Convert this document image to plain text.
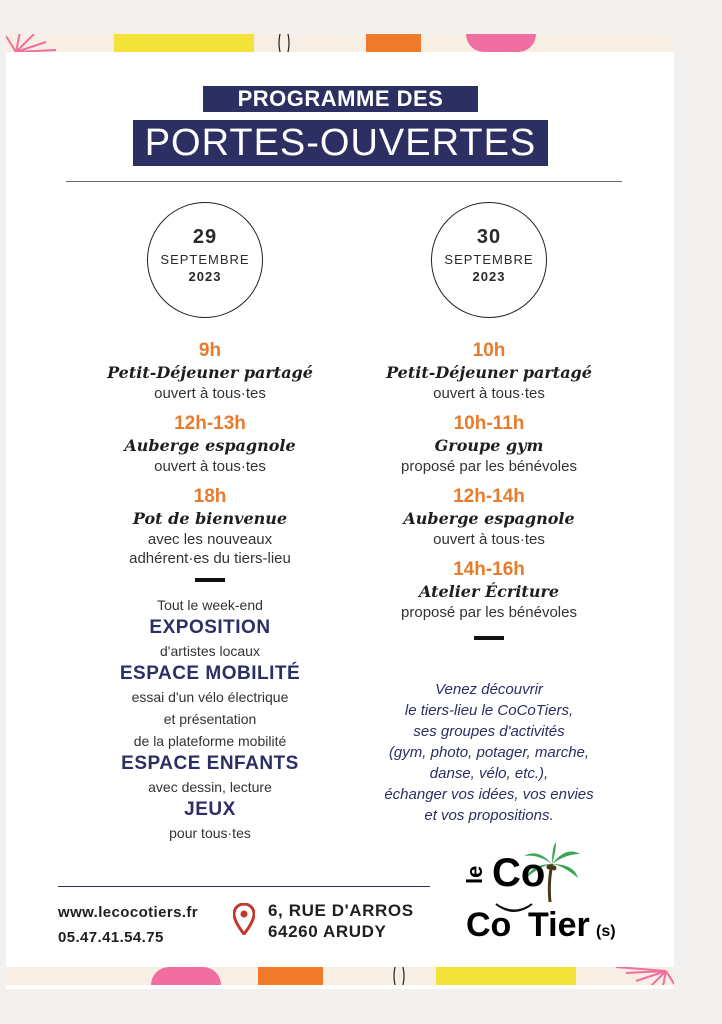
PROGRAMME DES
PORTES-OUVERTES
29
SEPTEMBRE
2023
30
SEPTEMBRE
2023
9h
Petit-Déjeuner partagé
ouvert à tous·tes
12h-13h
Auberge espagnole
ouvert à tous·tes
18h
Pot de bienvenue
avec les nouveaux
adhérent·es du tiers-lieu
Tout le week-end
EXPOSITION
d'artistes locaux
ESPACE MOBILITÉ
essai d'un vélo électrique
et présentation
de la plateforme mobilité
ESPACE ENFANTS
avec dessin, lecture
JEUX
pour tous·tes
10h
Petit-Déjeuner partagé
ouvert à tous·tes
10h-11h
Groupe gym
proposé par les bénévoles
12h-14h
Auberge espagnole
ouvert à tous·tes
14h-16h
Atelier Écriture
proposé par les bénévoles
Venez découvrir
le tiers-lieu le CoCoTiers,
ses groupes d'activités
(gym, photo, potager, marche,
danse, vélo, etc.),
échanger vos idées, vos envies
et vos propositions.
www.lecocotiers.fr
05.47.41.54.75
6, RUE D'ARROS
64260 ARUDY
le Co
Co Tier (s)
